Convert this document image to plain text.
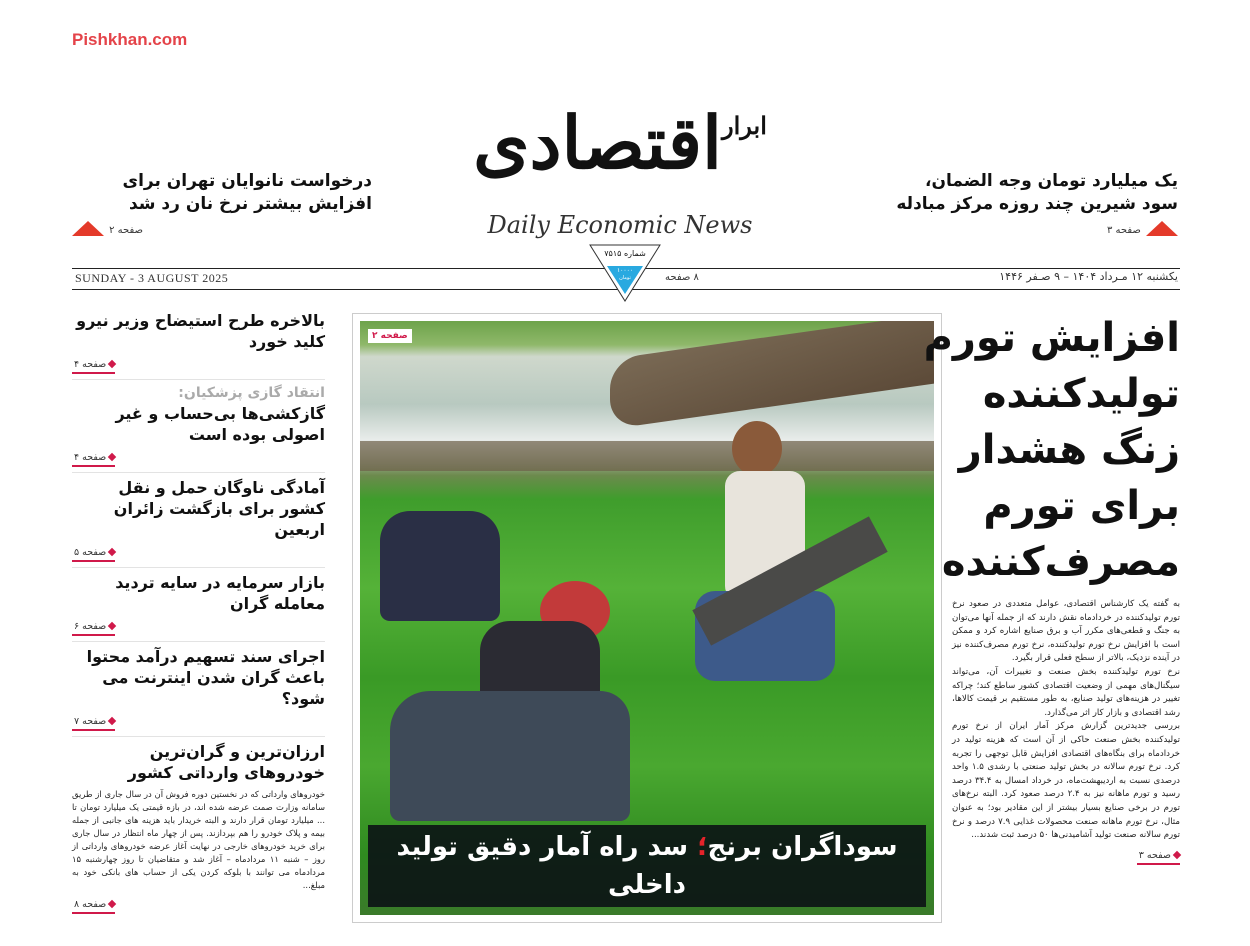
Pishkhan.com
$^{ابرار}$اقتصادی
Daily Economic News
یک میلیارد تومان وجه الضمان،
سود شیرین چند روزه مرکز مبادله
صفحه ۳
درخواست نانوایان تهران برای
افزایش بیشتر نرخ نان رد شد
صفحه ۲
SUNDAY - 3 AUGUST 2025	یکشنبه ۱۲ مـرداد ۱۴۰۴ – ۹ صـفر ۱۴۴۶
۸ صفحه
شماره ۷۵۱۵
۱۰۰۰۰
تومان
بالاخره طرح استیضاح وزیر نیرو کلید خورد
صفحه ۴
انتقاد گازی پزشکیان:
گازکشی‌ها بی‌حساب و غیر اصولی بوده است
صفحه ۴
آمادگی ناوگان حمل و نقل کشور برای بازگشت زائران اربعین
صفحه ۵
بازار سرمایه در سایه تردید معامله گران
صفحه ۶
اجرای سند تسهیم درآمد محتوا باعث گران شدن اینترنت می شود؟
صفحه ۷
ارزان‌ترین و گران‌ترین خودروهای وارداتی کشور
خودروهای وارداتی که در نخستین دوره فروش آن در سال جاری از طریق سامانه وزارت صمت عرضه شده اند، در بازه قیمتی یک میلیارد تومان تا ... میلیارد تومان قرار دارند و البته خریدار باید هزینه های جانبی از جمله بیمه و پلاک خودرو را هم بپردازند. پس از چهار ماه انتظار در سال جاری برای خرید خودروهای خارجی در نهایت آغاز عرضه خودروهای وارداتی از روز – شنبه ۱۱ مردادماه – آغاز شد و متقاضیان تا روز چهارشنبه ۱۵ مردادماه می توانند با بلوکه کردن یکی از حساب های بانکی خود به مبلغ...
صفحه ۸
صفحه ۲
سوداگران برنج؛ سد راه آمار دقیق تولید داخلی
افزایش تورم
تولیدکننده
زنگ هشدار
برای تورم
مصرف‌کننده

به گفته یک کارشناس اقتصادی، عوامل متعددی در صعود نرخ تورم تولیدکننده در خردادماه نقش دارند که از جمله آنها می‌توان به جنگ و قطعی‌های مکرر آب و برق صنایع اشاره کرد و ممکن است با افزایش نرخ تورم تولیدکننده، نرخ تورم مصرف‌کننده نیز در آینده نزدیک، بالاتر از سطح فعلی قرار بگیرد.

نرخ تورم تولیدکننده بخش صنعت و تغییرات آن، می‌تواند سیگنال‌های مهمی از وضعیت اقتصادی کشور ساطع کند؛ چراکه تغییر در هزینه‌های تولید صنایع، به طور مستقیم بر قیمت کالاها، رشد اقتصادی و بازار کار اثر می‌گذارد.

بررسی جدیدترین گزارش مرکز آمار ایران از نرخ تورم تولیدکننده بخش صنعت حاکی از آن است که هزینه تولید در خردادماه برای بنگاه‌های اقتصادی افزایش قابل توجهی را تجربه کرد. نرخ تورم سالانه در بخش تولید صنعتی با رشدی ۱.۵ واحد درصدی نسبت به اردیبهشت‌ماه، در خرداد امسال به ۳۴.۴ درصد رسید و تورم ماهانه نیز به ۲.۴ درصد صعود کرد. البته نرخ‌های تورم در برخی صنایع بسیار بیشتر از این مقادیر بود؛ به عنوان مثال، نرخ تورم ماهانه صنعت محصولات غذایی ۷.۹ درصد و نرخ تورم سالانه صنعت تولید آشامیدنی‌ها ۵۰ درصد ثبت شدند...

صفحه ۳
